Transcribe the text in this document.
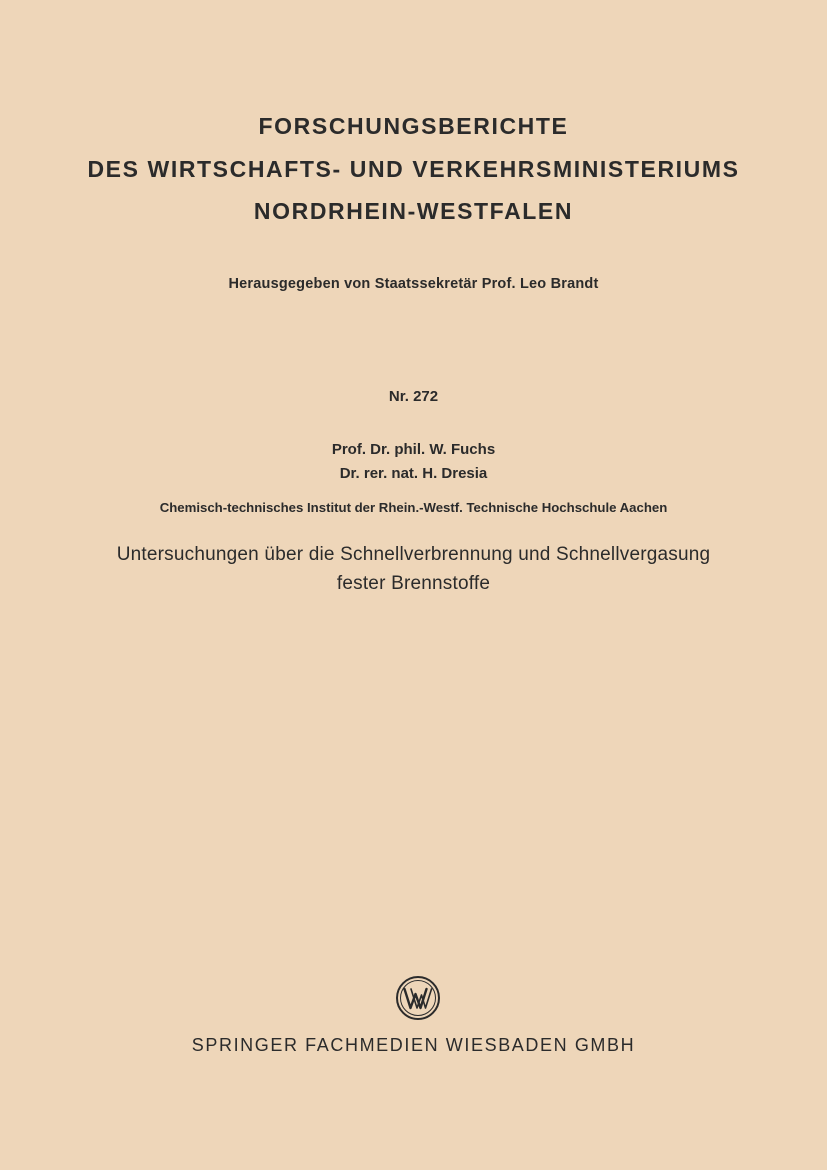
FORSCHUNGSBERICHTE
DES WIRTSCHAFTS- UND VERKEHRSMINISTERIUMS
NORDRHEIN-WESTFALEN
Herausgegeben von Staatssekretär Prof. Leo Brandt
Nr. 272
Prof. Dr. phil. W. Fuchs
Dr. rer. nat. H. Dresia
Chemisch-technisches Institut der Rhein.-Westf. Technische Hochschule Aachen
Untersuchungen über die Schnellverbrennung und Schnellvergasung
fester Brennstoffe
SPRINGER FACHMEDIEN WIESBADEN GMBH
